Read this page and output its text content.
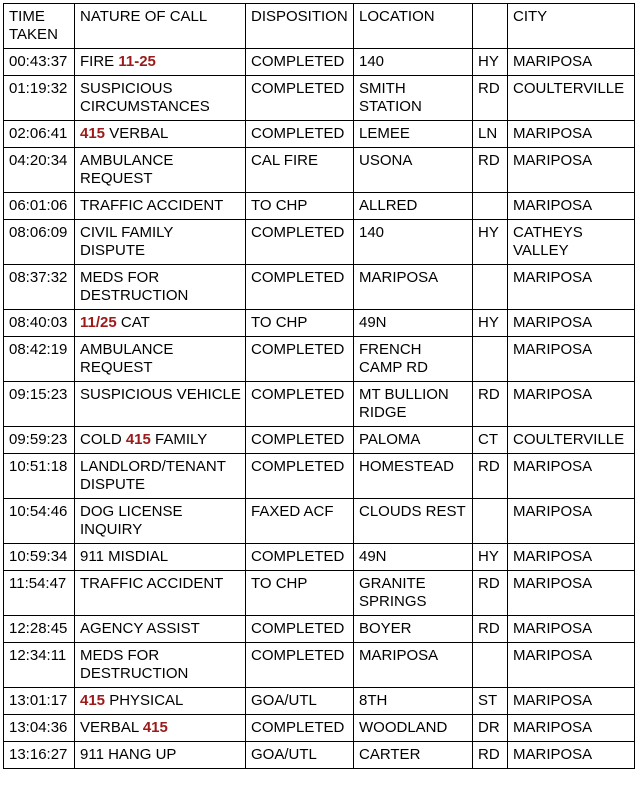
TIME TAKEN	NATURE OF CALL	DISPOSITION	LOCATION		CITY
00:43:37	FIRE 11-25	COMPLETED	140	HY	MARIPOSA
01:19:32	SUSPICIOUS CIRCUMSTANCES	COMPLETED	SMITH STATION	RD	COULTERVILLE
02:06:41	415 VERBAL	COMPLETED	LEMEE	LN	MARIPOSA
04:20:34	AMBULANCE REQUEST	CAL FIRE	USONA	RD	MARIPOSA
06:01:06	TRAFFIC ACCIDENT	TO CHP	ALLRED		MARIPOSA
08:06:09	CIVIL FAMILY DISPUTE	COMPLETED	140	HY	CATHEYS VALLEY
08:37:32	MEDS FOR DESTRUCTION	COMPLETED	MARIPOSA		MARIPOSA
08:40:03	11/25 CAT	TO CHP	49N	HY	MARIPOSA
08:42:19	AMBULANCE REQUEST	COMPLETED	FRENCH CAMP RD		MARIPOSA
09:15:23	SUSPICIOUS VEHICLE	COMPLETED	MT BULLION RIDGE	RD	MARIPOSA
09:59:23	COLD 415 FAMILY	COMPLETED	PALOMA	CT	COULTERVILLE
10:51:18	LANDLORD/TENANT DISPUTE	COMPLETED	HOMESTEAD	RD	MARIPOSA
10:54:46	DOG LICENSE INQUIRY	FAXED ACF	CLOUDS REST		MARIPOSA
10:59:34	911 MISDIAL	COMPLETED	49N	HY	MARIPOSA
11:54:47	TRAFFIC ACCIDENT	TO CHP	GRANITE SPRINGS	RD	MARIPOSA
12:28:45	AGENCY ASSIST	COMPLETED	BOYER	RD	MARIPOSA
12:34:11	MEDS FOR DESTRUCTION	COMPLETED	MARIPOSA		MARIPOSA
13:01:17	415 PHYSICAL	GOA/UTL	8TH	ST	MARIPOSA
13:04:36	VERBAL 415	COMPLETED	WOODLAND	DR	MARIPOSA
13:16:27	911 HANG UP	GOA/UTL	CARTER	RD	MARIPOSA
